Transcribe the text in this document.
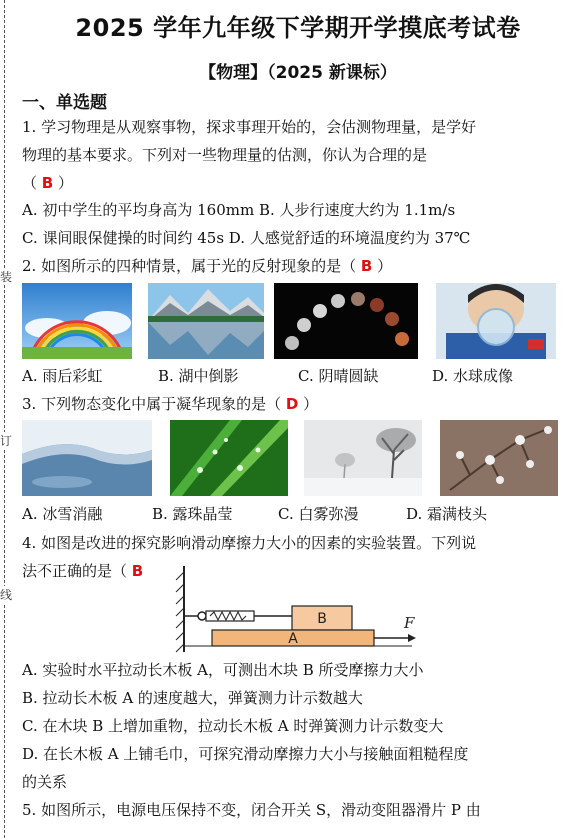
装
订
线
2025 学年九年级下学期开学摸底考试卷
【物理】（2025 新课标）
一、单选题
1. 学习物理是从观察事物，探求事理开始的，会估测物理量，是学好
物理的基本要求。下列对一些物理量的估测，你认为合理的是
（ B ）
A. 初中学生的平均身高为 160mm B. 人步行速度大约为 1.1m/s
C. 课间眼保健操的时间约 45s D. 人感觉舒适的环境温度约为 37℃
2. 如图所示的四种情景，属于光的反射现象的是（ B ）
A. 雨后彩虹	B. 湖中倒影	C. 阴晴圆缺	D. 水球成像
3. 下列物态变化中属于凝华现象的是（ D ）
A. 冰雪消融	B. 露珠晶莹	C. 白雾弥漫	D. 霜满枝头
4. 如图是改进的探究影响滑动摩擦力大小的因素的实验装置。下列说
法不正确的是（ B
B
A
F
A. 实验时水平拉动长木板 A，可测出木块 B 所受摩擦力大小
B. 拉动长木板 A 的速度越大，弹簧测力计示数越大
C. 在木块 B 上增加重物，拉动长木板 A 时弹簧测力计示数变大
D. 在长木板 A 上铺毛巾，可探究滑动摩擦力大小与接触面粗糙程度
的关系
5. 如图所示，电源电压保持不变，闭合开关 S，滑动变阻器滑片 P 由
